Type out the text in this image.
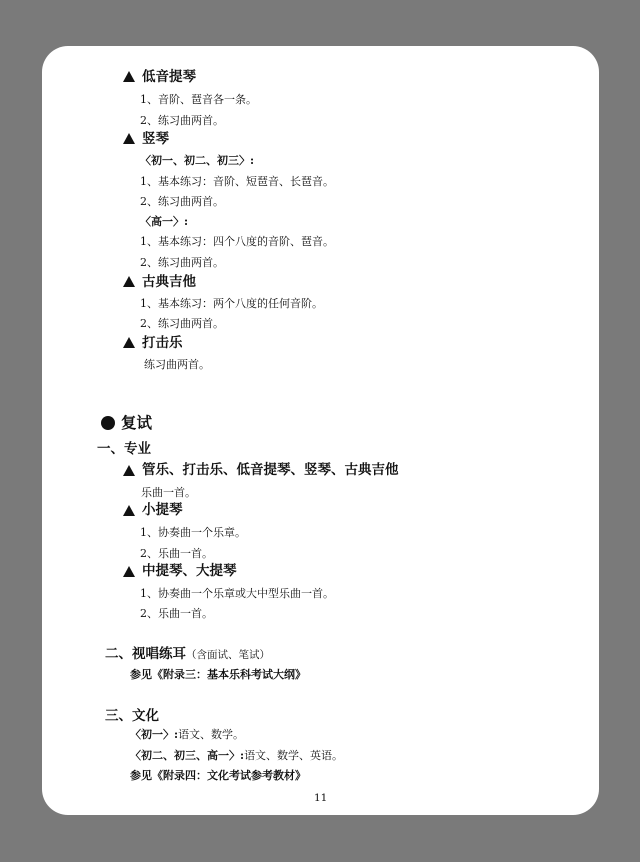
低音提琴
1、音阶、琶音各一条。
2、练习曲两首。
竖琴
〈初一、初二、初三〉:
1、基本练习：音阶、短琶音、长琶音。
2、练习曲两首。
〈高一〉:
1、基本练习：四个八度的音阶、琶音。
2、练习曲两首。
古典吉他
1、基本练习：两个八度的任何音阶。
2、练习曲两首。
打击乐
练习曲两首。
复试
一、专业
管乐、打击乐、低音提琴、竖琴、古典吉他
乐曲一首。
小提琴
1、协奏曲一个乐章。
2、乐曲一首。
中提琴、大提琴
1、协奏曲一个乐章或大中型乐曲一首。
2、乐曲一首。
二、视唱练耳（含面试、笔试）
参见《附录三：基本乐科考试大纲》
三、文化
〈初一〉:语文、数学。
〈初二、初三、高一〉:语文、数学、英语。
参见《附录四：文化考试参考教材》
11
